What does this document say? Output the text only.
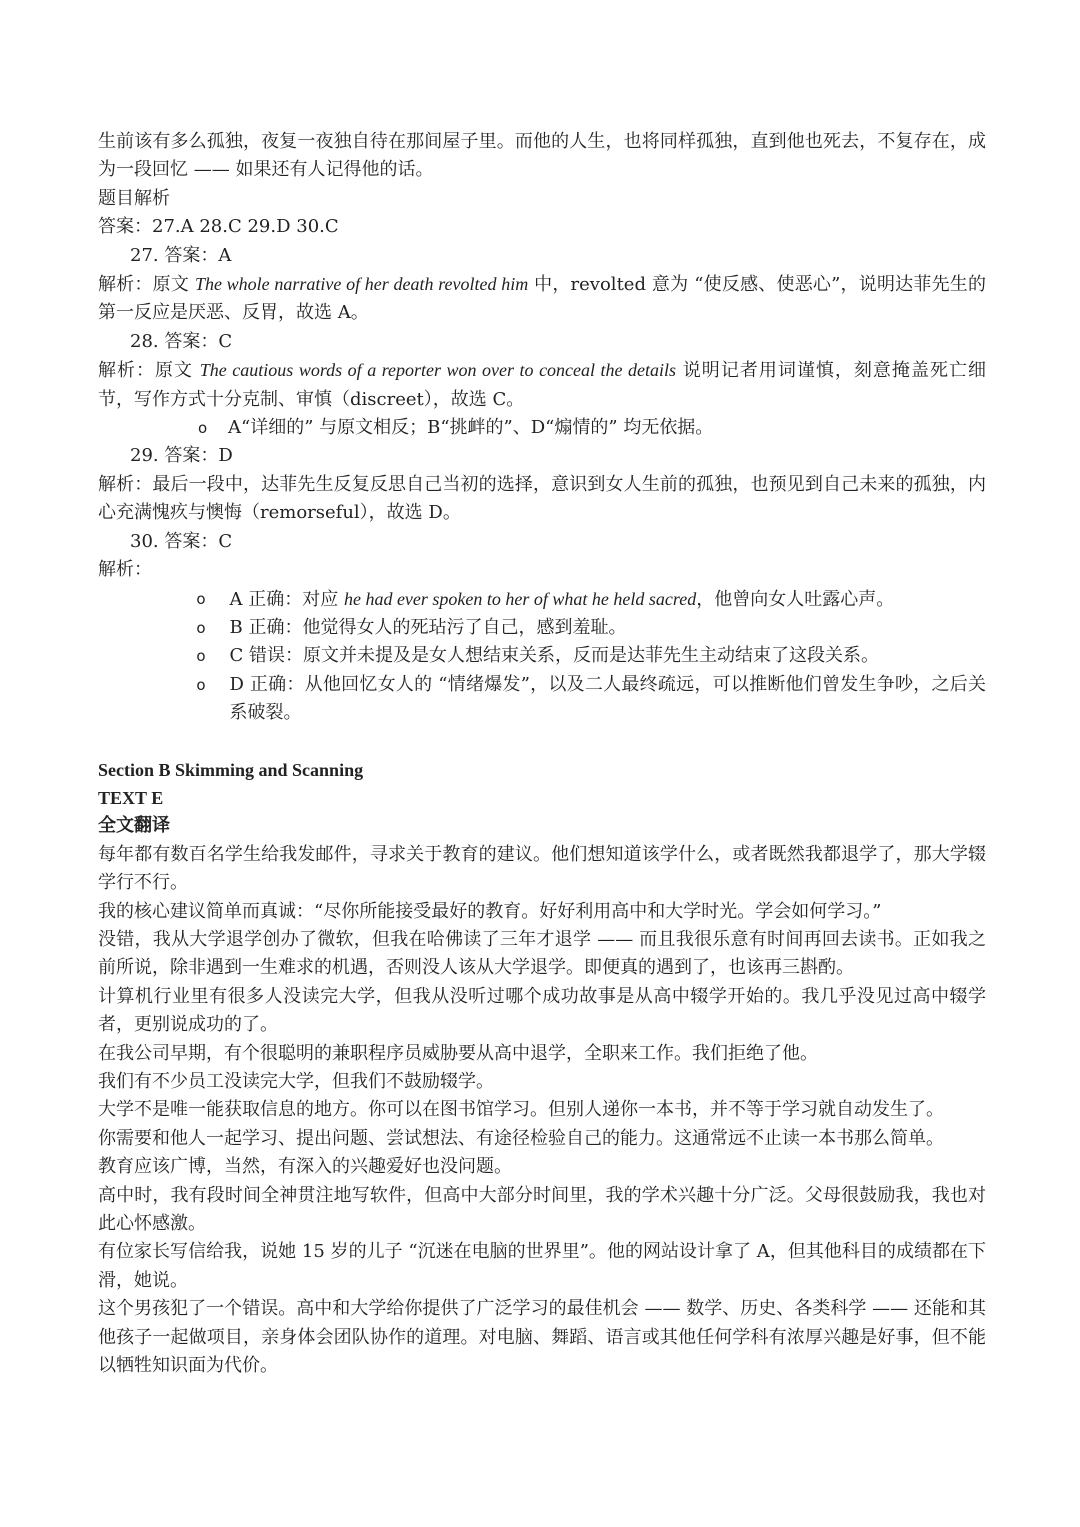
生前该有多么孤独，夜复一夜独自待在那间屋子里。而他的人生，也将同样孤独，直到他也死去，不复存在，成为一段回忆 —— 如果还有人记得他的话。
题目解析
答案：27.A 28.C 29.D 30.C
27. 答案：A
解析：原文 The whole narrative of her death revolted him 中，revolted 意为 “使反感、使恶心”，说明达菲先生的第一反应是厌恶、反胃，故选 A。
28. 答案：C
解析：原文 The cautious words of a reporter won over to conceal the details 说明记者用词谨慎，刻意掩盖死亡细节，写作方式十分克制、审慎（discreet），故选 C。
o	A“详细的” 与原文相反；B“挑衅的”、D“煽情的” 均无依据。
29. 答案：D
解析：最后一段中，达菲先生反复反思自己当初的选择，意识到女人生前的孤独，也预见到自己未来的孤独，内心充满愧疚与懊悔（remorseful），故选 D。
30. 答案：C
解析：
o	A 正确：对应 he had ever spoken to her of what he held sacred，他曾向女人吐露心声。
o	B 正确：他觉得女人的死玷污了自己，感到羞耻。
o	C 错误：原文并未提及是女人想结束关系，反而是达菲先生主动结束了这段关系。
o	D 正确：从他回忆女人的 “情绪爆发”，以及二人最终疏远，可以推断他们曾发生争吵，之后关系破裂。
Section B Skimming and Scanning
TEXT E
全文翻译
每年都有数百名学生给我发邮件，寻求关于教育的建议。他们想知道该学什么，或者既然我都退学了，那大学辍学行不行。
我的核心建议简单而真诚：“尽你所能接受最好的教育。好好利用高中和大学时光。学会如何学习。”
没错，我从大学退学创办了微软，但我在哈佛读了三年才退学 —— 而且我很乐意有时间再回去读书。正如我之前所说，除非遇到一生难求的机遇，否则没人该从大学退学。即便真的遇到了，也该再三斟酌。
计算机行业里有很多人没读完大学，但我从没听过哪个成功故事是从高中辍学开始的。我几乎没见过高中辍学者，更别说成功的了。
在我公司早期，有个很聪明的兼职程序员威胁要从高中退学，全职来工作。我们拒绝了他。
我们有不少员工没读完大学，但我们不鼓励辍学。
大学不是唯一能获取信息的地方。你可以在图书馆学习。但别人递你一本书，并不等于学习就自动发生了。
你需要和他人一起学习、提出问题、尝试想法、有途径检验自己的能力。这通常远不止读一本书那么简单。
教育应该广博，当然，有深入的兴趣爱好也没问题。
高中时，我有段时间全神贯注地写软件，但高中大部分时间里，我的学术兴趣十分广泛。父母很鼓励我，我也对此心怀感激。
有位家长写信给我，说她 15 岁的儿子 “沉迷在电脑的世界里”。他的网站设计拿了 A，但其他科目的成绩都在下滑，她说。
这个男孩犯了一个错误。高中和大学给你提供了广泛学习的最佳机会 —— 数学、历史、各类科学 —— 还能和其他孩子一起做项目，亲身体会团队协作的道理。对电脑、舞蹈、语言或其他任何学科有浓厚兴趣是好事，但不能以牺牲知识面为代价。
